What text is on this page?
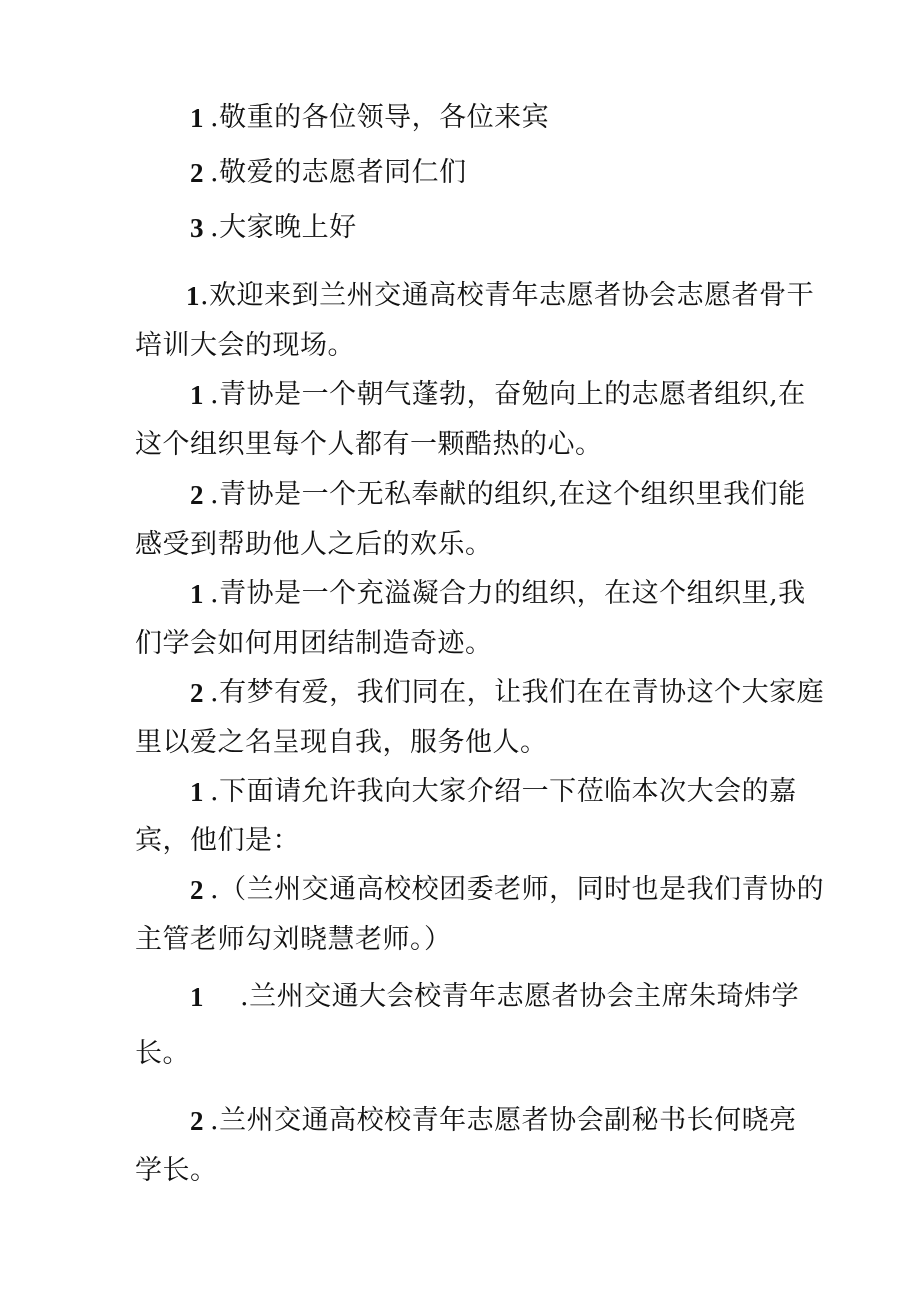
1 .敬重的各位领导，各位来宾
2 .敬爱的志愿者同仁们
3 .大家晚上好
1 .欢迎来到兰州交通高校青年志愿者协会志愿者骨干
培训大会的现场。
1 .青协是一个朝气蓬勃，奋勉向上的志愿者组织,在
这个组织里每个人都有一颗酷热的心。
2 .青协是一个无私奉献的组织,在这个组织里我们能
感受到帮助他人之后的欢乐。
1 .青协是一个充溢凝合力的组织，在这个组织里,我
们学会如何用团结制造奇迹。
2 .有梦有爱，我们同在，让我们在在青协这个大家庭
里以爱之名呈现自我，服务他人。
1 .下面请允许我向大家介绍一下莅临本次大会的嘉
宾，他们是：
2 .（兰州交通高校校团委老师，同时也是我们青协的
主管老师勾刘晓慧老师。）
1 .兰州交通大会校青年志愿者协会主席朱琦炜学
长。
2 .兰州交通高校校青年志愿者协会副秘书长何晓亮
学长。
